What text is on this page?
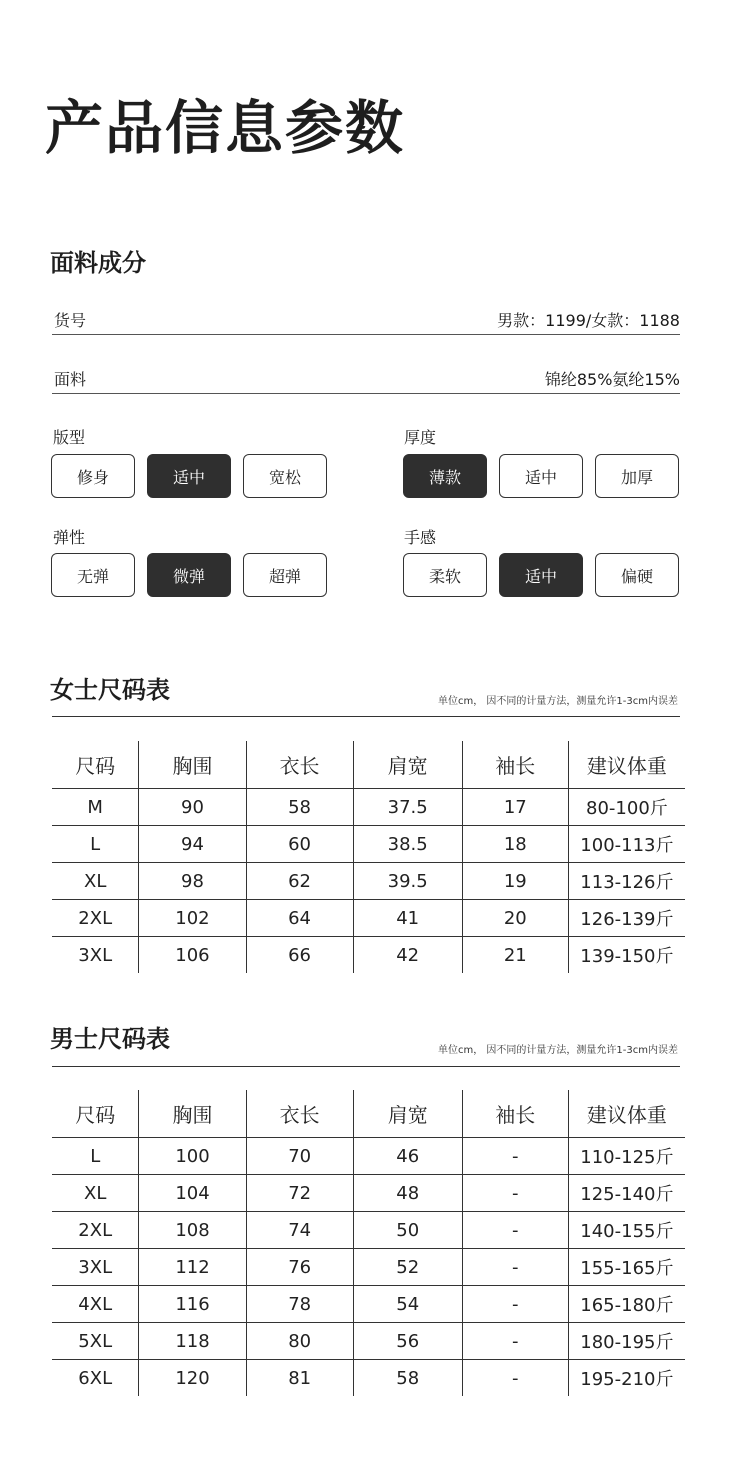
产品信息参数
面料成分
货号	男款：1199/女款：1188
面料	锦纶85%氨纶15%
版型
修身	适中	宽松
厚度
薄款	适中	加厚
弹性
无弹	微弹	超弹
手感
柔软	适中	偏硬
女士尺码表	单位cm， 因不同的计量方法，测量允许1-3cm内误差
尺码	胸围	衣长	肩宽	袖长	建议体重
M	90	58	37.5	17	80-100斤
L	94	60	38.5	18	100-113斤
XL	98	62	39.5	19	113-126斤
2XL	102	64	41	20	126-139斤
3XL	106	66	42	21	139-150斤
男士尺码表	单位cm， 因不同的计量方法，测量允许1-3cm内误差
尺码	胸围	衣长	肩宽	袖长	建议体重
L	100	70	46	-	110-125斤
XL	104	72	48	-	125-140斤
2XL	108	74	50	-	140-155斤
3XL	112	76	52	-	155-165斤
4XL	116	78	54	-	165-180斤
5XL	118	80	56	-	180-195斤
6XL	120	81	58	-	195-210斤
